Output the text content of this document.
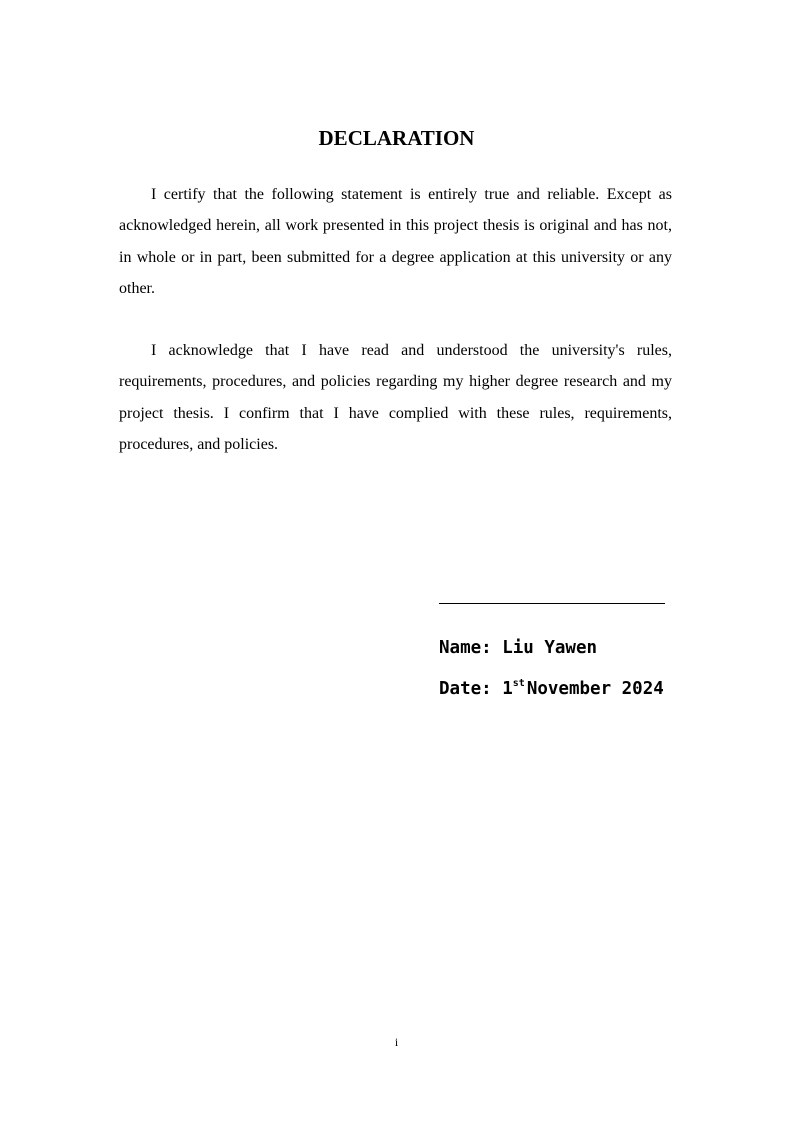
DECLARATION

I certify that the following statement is entirely true and reliable. Except as acknowledged herein, all work presented in this project thesis is original and has not, in whole or in part, been submitted for a degree application at this university or any other.

I acknowledge that I have read and understood the university's rules, requirements, procedures, and policies regarding my higher degree research and my project thesis. I confirm that I have complied with these rules, requirements, procedures, and policies.

Name: Liu Yawen

Date: 1st November 2024

i
